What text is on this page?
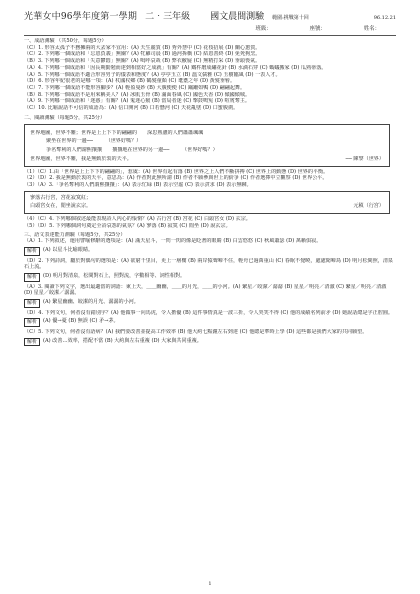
光華女中 96學年度第一學期 二‧三年級 國文晨間測驗 範圍:挑戰第十回	96.12.21
班級：	座號：	姓名：
一、成語測驗 （共50分，每題5分）
（C）1. 形容太孤子不務擁兩的大丟家不宜用：(A) 天生麗質 (B) 秀外慧中 (C) 花枝招展 (D) 蘭心蕙質。
（C）2. 下列哪一個成語和「忘恩負義」無關？(A) 牝雞司晨 (B) 過河拆橋 (C) 結恩善終 (D) 免死狗烹。
（B）3. 下列哪一個成語和「失意鬱悶」無關？(A) 嗚呼哀哉 (B) 弊衣敝屣 (C) 無精打采 (D) 垂頭喪氣。
（A）4. 下列哪一個成語和「因長期勤勉而達到相當好之成就」有關？(A) 鐵杵磨成繡花針 (B) 水滴石穿 (C) 螞蟻搬家 (D) 瓜熟蒂落。
（A）5. 下列哪一個成語不適合形容男子的儀表和態度？(A) 亭亭玉立 (B) 溫文儒雅 (C) 玉樹臨風 (D) 一表人才。
（D）6. 形容年紀很老的是哪一項：(A) 杖國杖鄉 (B) 鶴髮童顏 (C) 耄耋之年 (D) 黃髮垂髫。
（C）7. 下列哪一個成語不能形容腳步？(A) 輕盈曼妙 (B) 大腹便便 (C) 蹣跚如鴨 (D) 翩翩起舞。
（B）8. 下列哪一個成語不是用來稱美人？(A) 冰肌玉骨 (B) 滿面春風 (C) 國色天香 (D) 傾國傾城。
（A）9. 下列哪一個成語和「迷惑」有關？(A) 鬼迷心竅 (B) 當局者迷 (C) 擊鼓鳴冤 (D) 喧賓奪主。
（C）10. 比喻說話不可信的成語為：(A) 信口開河 (B) 口若懸河 (C) 天花亂墜 (D) 口蜜腹劍。
二、閱讀測驗（每題5分，共25分）
世界地圖，世界不難；世界是上上下下的翩翩的　　深思熟慮的人們蕭蕭颯颯
聚坐在世界的一邊──　　　（世界好嗎？）
爭名奪利的人們謂熙攘攘　　攘攘地在世界的另一邊──　　　（世界好嗎？）
世界地圖，世界不難，我是無動於衷的天平。	── 陳黎（世界）
（1）（C）1.由「世界是上上下下的翩翩的」，惹虞：(A) 世界有起有落 (B) 世界之上人們不斷拼搏 (C) 世界上的動態 (D) 世界的平衡。
（2）（D）2. 我是無動於衷的天平，意思為：(A) 作者對此無所謂 (B) 作者不願參與世上的紛爭 (C) 作者選擇中立觀察 (D) 世界公平。
（3）（A）3.「爭名奪利的人們謂熙攘攘」：(A) 表示忙碌 (B) 表示空虛 (C) 表示貪求 (D) 表示無聊。
寥落古行宮，宮花寂寞紅；
白頭宮女在，閒坐說玄宗。	元稹（行宮）
（4）（C）4. 下列哪個敘述最能表現詩人內心的悵惘？(A) 古行宮 (B) 宮花 (C) 白頭宮女 (D) 玄宗。
（5）（D）5. 下列哪個詞句奠定全詩哀怨的氣氛？(A) 寥落 (B) 寂寞 (C) 閒坐 (D) 說玄宗。
三、語文表達能力測驗（每題5分，共25分）
（A）1. 下列敘述，運用譬喻修辭的選項是：(A) 滿天星斗，一閃一閃的像是眨著的眼睛 (B) 白雲悠悠 (C) 秋風蕭瑟 (D) 萬籟俱寂。
解析	(A) 以星斗比喻眼睛。
（D）2. 下列詩詞，屬於對偶句的選項是：(A) 欲窮千里目，更上一層樓 (B) 兩岸猿聲啼不住，輕舟已過萬重山 (C) 春眠不覺曉，處處聞啼鳥 (D) 明月松間照，清泉石上流。
解析	(D) 明月對清泉，松間對石上，照對流，字數相等、詞性相對。
（A）3. 閱讀下列文字，選出最適當的詞語：東上天，＿＿幽幽，＿＿的月光，＿＿的小河。(A) 繁星／皎潔／潺潺 (B) 星星／明亮／清澈 (C) 繁星／明亮／清澈 (D) 星星／皎潔／潺潺。
解析	(A) 繁星幽幽、皎潔的月光、潺潺的小河。
（D）4. 下列文句，何者沒有錯別字？(A) 他做事一向馬虎，令人擔優 (B) 這件事情真是一波三折，令人哭笑不得 (C) 他的成績名列前矛 (D) 她說話總是字正腔圓。
解析	(A) 優→憂 (B) 無誤 (C) 矛→茅。
（C）5. 下列文句，何者沒有語病？(A) 我們要改善並提高工作效率 (B) 他大約七點鐘左右到達 (C) 他總是準時上學 (D) 這些都是我們大家的共同願望。
解析	(A) 改善…效率，搭配不當 (B) 大約與左右重複 (D) 大家與共同重複。
1
